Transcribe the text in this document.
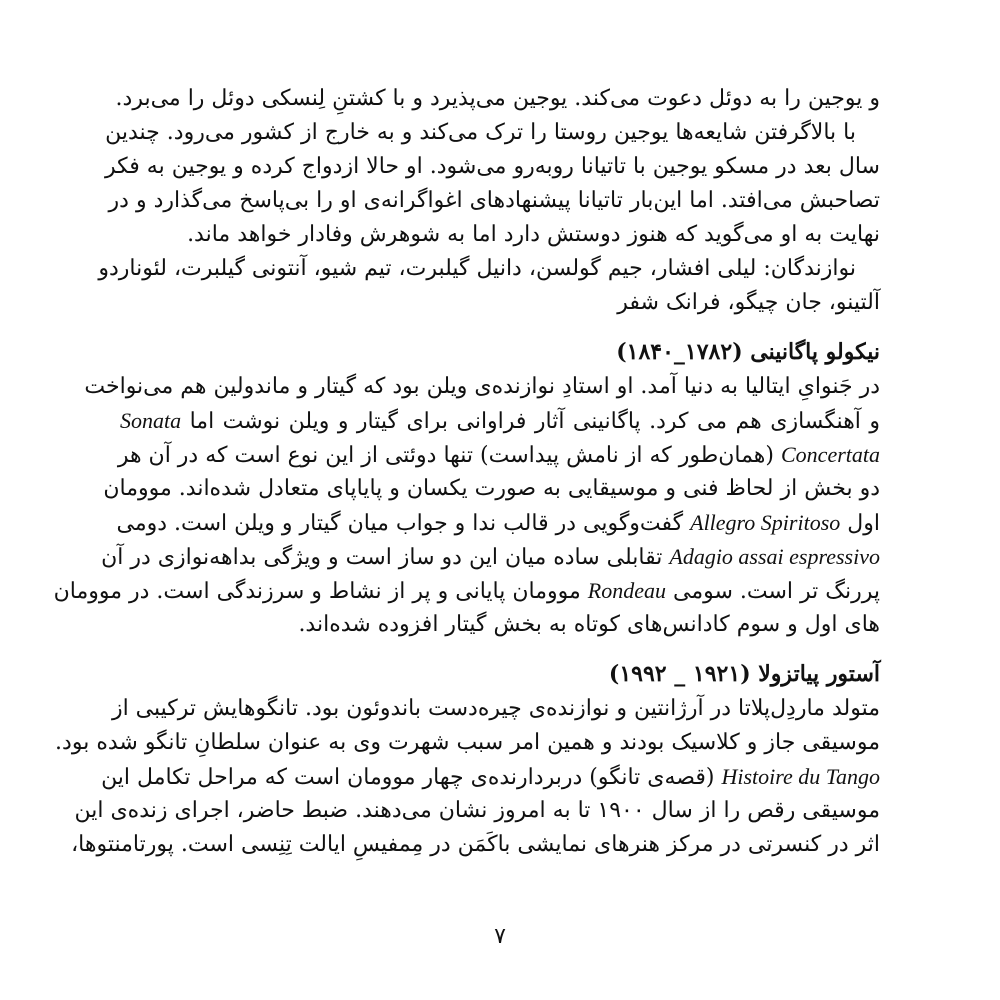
و یوجین را به دوئل دعوت می‌کند. یوجین می‌پذیرد و با کشتنِ لِنسکی دوئل را می‌برد.
با بالاگرفتن شایعه‌ها یوجین روستا را ترک می‌کند و به خارج از کشور می‌رود. چندین
سال بعد در مسکو یوجین با تاتیانا روبه‌رو می‌شود. او حالا ازدواج کرده و یوجین به فکر
تصاحبش می‌افتد. اما این‌بار تاتیانا پیشنهادهای اغواگرانه‌ی او را بی‌پاسخ می‌گذارد و در
نهایت به او می‌گوید که هنوز دوستش دارد اما به شوهرش وفادار خواهد ماند.
نوازندگان: لیلی افشار، جیم گولسن، دانیل گیلبرت، تیم شیو، آنتونی گیلبرت، لئوناردو
آلتینو، جان چیگو، فرانک شفر
نیکولو پاگانینی (۱۷۸۲_۱۸۴۰)
در جَنوایِ ایتالیا به دنیا آمد. او استادِ نوازنده‌ی ویلن بود که گیتار و ماندولین هم می‌نواخت
و آهنگسازی هم می کرد. پاگانینی آثار فراوانی برای گیتار و ویلن نوشت اما Sonata
Concertata (همان‌طور که از نامش پیداست) تنها دوئتی از این نوع است که در آن هر
دو بخش از لحاظ فنی و موسیقایی به صورت یکسان و پایاپای متعادل شده‌اند. موومان
اول Allegro Spiritoso گفت‌وگویی در قالب ندا و جواب میان گیتار و ویلن است. دومی
Adagio assai espressivo تقابلی ساده میان این دو ساز است و ویژگی بداهه‌نوازی در آن
پررنگ تر است. سومی Rondeau موومان پایانی و پر از نشاط و سرزندگی است. در موومان
های اول و سوم کادانس‌های کوتاه به بخش گیتار افزوده شده‌اند.
آستور پیاتزولا (۱۹۲۱ _ ۱۹۹۲)
متولد ماردِل‌پلاتا در آرژانتین و نوازنده‌ی چیره‌دست باندوئون بود. تانگوهایش ترکیبی از
موسیقی جاز و کلاسیک بودند و همین امر سبب شهرت وی به عنوان سلطانِ تانگو شده بود.
Histoire du Tango (قصه‌ی تانگو) دربردارنده‌ی چهار موومان است که مراحل تکامل این
موسیقی رقص را از سال ۱۹۰۰ تا به امروز نشان می‌دهند. ضبط حاضر، اجرای زنده‌ی این
اثر در کنسرتی در مرکز هنرهای نمایشی باکَمَن در مِمفیسِ ایالت تِنِسی است. پورتامنتوها،
۷
